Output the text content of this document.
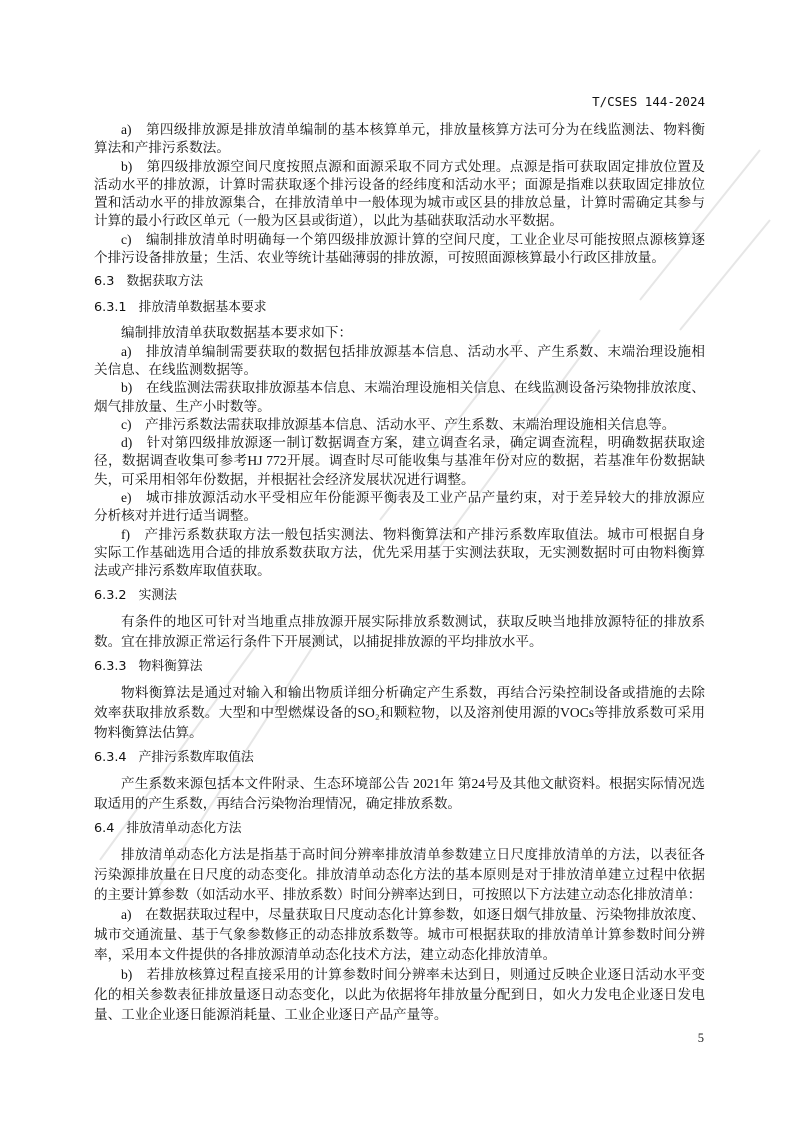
T/CSES 144-2024
a)　第四级排放源是排放清单编制的基本核算单元，排放量核算方法可分为在线监测法、物料衡
算法和产排污系数法。
b)　第四级排放源空间尺度按照点源和面源采取不同方式处理。点源是指可获取固定排放位置及
活动水平的排放源，计算时需获取逐个排污设备的经纬度和活动水平；面源是指难以获取固定排放位
置和活动水平的排放源集合，在排放清单中一般体现为城市或区县的排放总量，计算时需确定其参与
计算的最小行政区单元（一般为区县或街道），以此为基础获取活动水平数据。
c)　编制排放清单时明确每一个第四级排放源计算的空间尺度，工业企业尽可能按照点源核算逐
个排污设备排放量；生活、农业等统计基础薄弱的排放源，可按照面源核算最小行政区排放量。
6.3 数据获取方法
6.3.1 排放清单数据基本要求
编制排放清单获取数据基本要求如下：
a)　排放清单编制需要获取的数据包括排放源基本信息、活动水平、产生系数、末端治理设施相
关信息、在线监测数据等。
b)　在线监测法需获取排放源基本信息、末端治理设施相关信息、在线监测设备污染物排放浓度、
烟气排放量、生产小时数等。
c)　产排污系数法需获取排放源基本信息、活动水平、产生系数、末端治理设施相关信息等。
d)　针对第四级排放源逐一制订数据调查方案，建立调查名录，确定调查流程，明确数据获取途
径，数据调查收集可参考HJ 772开展。调查时尽可能收集与基准年份对应的数据，若基准年份数据缺
失，可采用相邻年份数据，并根据社会经济发展状况进行调整。
e)　城市排放源活动水平受相应年份能源平衡表及工业产品产量约束，对于差异较大的排放源应
分析核对并进行适当调整。
f)　产排污系数获取方法一般包括实测法、物料衡算法和产排污系数库取值法。城市可根据自身
实际工作基础选用合适的排放系数获取方法，优先采用基于实测法获取，无实测数据时可由物料衡算
法或产排污系数库取值获取。
6.3.2 实测法
有条件的地区可针对当地重点排放源开展实际排放系数测试，获取反映当地排放源特征的排放系
数。宜在排放源正常运行条件下开展测试，以捕捉排放源的平均排放水平。
6.3.3 物料衡算法
物料衡算法是通过对输入和输出物质详细分析确定产生系数，再结合污染控制设备或措施的去除
效率获取排放系数。大型和中型燃煤设备的SO₂和颗粒物，以及溶剂使用源的VOCs等排放系数可采用
物料衡算法估算。
6.3.4 产排污系数库取值法
产生系数来源包括本文件附录、生态环境部公告 2021年 第24号及其他文献资料。根据实际情况选
取适用的产生系数，再结合污染物治理情况，确定排放系数。
6.4 排放清单动态化方法
排放清单动态化方法是指基于高时间分辨率排放清单参数建立日尺度排放清单的方法，以表征各
污染源排放量在日尺度的动态变化。排放清单动态化方法的基本原则是对于排放清单建立过程中依据
的主要计算参数（如活动水平、排放系数）时间分辨率达到日，可按照以下方法建立动态化排放清单：
a)　在数据获取过程中，尽量获取日尺度动态化计算参数，如逐日烟气排放量、污染物排放浓度、
城市交通流量、基于气象参数修正的动态排放系数等。城市可根据获取的排放清单计算参数时间分辨
率，采用本文件提供的各排放源清单动态化技术方法，建立动态化排放清单。
b)　若排放核算过程直接采用的计算参数时间分辨率未达到日，则通过反映企业逐日活动水平变
化的相关参数表征排放量逐日动态变化，以此为依据将年排放量分配到日，如火力发电企业逐日发电
量、工业企业逐日能源消耗量、工业企业逐日产品产量等。
5
